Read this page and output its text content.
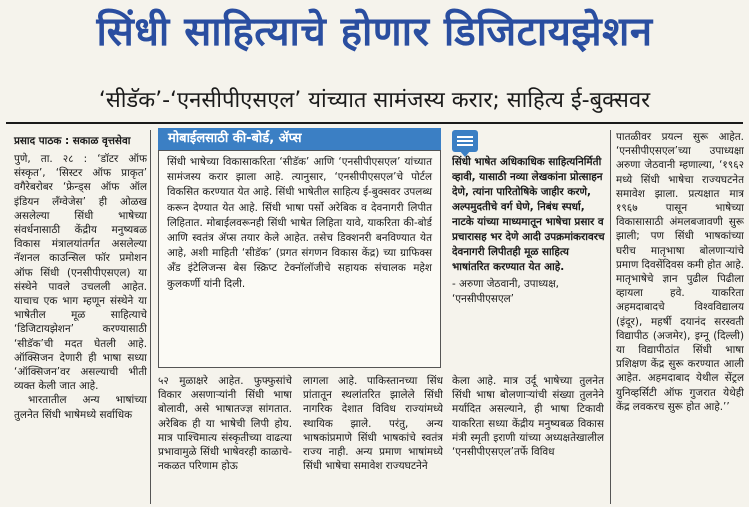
सिंधी साहित्याचे होणार डिजिटायझेशन
‘सीडॅक’-‘एनसीपीएसएल’ यांच्यात सामंजस्य करार; साहित्य ई-बुक्सवर
प्रसाद पाठक : सकाळ वृत्तसेवा

पुणे, ता. २८ : ‘डॉटर ऑफ संस्कृत’, ‘सिस्टर ऑफ प्राकृत’ वगैरेबरोबर ‘फ्रेन्ड्स ऑफ ऑल इंडियन लॅंग्वेजेस’ ही ओळख असलेल्या सिंधी भाषेच्या संवर्धनासाठी केंद्रीय मनुष्यबळ विकास मंत्रालयांतर्गत असलेल्या नॅशनल काउन्सिल फॉर प्रमोशन ऑफ सिंधी (एनसीपीएसएल) या संस्थेने पावले उचलली आहेत. याचाच एक भाग म्हणून संस्थेने या भाषेतील मूळ साहित्याचे ‘डिजिटायझेशन’ करण्यासाठी ‘सीडॅक’ची मदत घेतली आहे. ऑक्सिजन देणारी ही भाषा सध्या ‘ऑक्सिजन’वर असल्याची भीती व्यक्त केली जात आहे.

भारतातील अन्य भाषांच्या तुलनेत सिंधी भाषेमध्ये सर्वाधिक

मोबाईलसाठी की-बोर्ड, ॲप्स
सिंधी भाषेच्या विकासाकरिता ‘सीडॅक’ आणि ‘एनसीपीएसएल’ यांच्यात सामंजस्य करार झाला आहे. त्यानुसार, ‘एनसीपीएसएल’चे पोर्टल विकसित करण्यात येत आहे. सिंधी भाषेतील साहित्य ई-बुक्सवर उपलब्ध करून देण्यात येत आहे. सिंधी भाषा पर्सो अरेबिक व देवनागरी लिपीत लिहितात. मोबाईलवरूनही सिंधी भाषेत लिहिता यावे, याकरिता की-बोर्ड आणि स्वतंत्र ॲप्स तयार केले आहेत. तसेच डिक्शनरी बनविण्यात येत आहे, अशी माहिती ‘सीडॅक’ (प्रगत संगणन विकास केंद्र) च्या ग्राफिक्स अँड इंटेलिजन्स बेस स्क्रिप्ट टेक्नॉलॉजीचे सहायक संचालक महेश कुलकर्णी यांनी दिली.

सिंधी भाषेत अधिकाधिक साहित्यनिर्मिती व्हावी, यासाठी नव्या लेखकांना प्रोत्साहन देणे, त्यांना पारितोषिके जाहीर करणे, अल्पमुदतीचे वर्ग घेणे, निबंध स्पर्धा, नाटके यांच्या माध्यमातून भाषेचा प्रसार व प्रचारासह भर देणे आदी उपक्रमांकरावरच देवनागरी लिपीतही मूळ साहित्य भाषांतरित करण्यात येत आहे.

- अरुणा जेठवानी, उपाध्यक्ष, ‘एनसीपीएसएल’

५२ मुळाक्षरे आहेत. फुफ्फुसांचे विकार असणाऱ्यांनी सिंधी भाषा बोलावी, असे भाषातज्ज्ञ सांगतात. अरेबिक ही या भाषेची लिपी होय. मात्र पाश्चिमात्य संस्कृतीच्या वाढत्या प्रभावामुळे सिंधी भाषेवरही काळाचे-नकळत परिणाम होऊ

लागला आहे. पाकिस्तानच्या सिंध प्रांतातून स्थलांतरित झालेले सिंधी नागरिक देशात विविध राज्यांमध्ये स्थायिक झाले. परंतु, अन्य भाषकांप्रमाणे सिंधी भाषकांचे स्वतंत्र राज्य नाही. अन्य प्रमाण भाषांमध्ये सिंधी भाषेचा समावेश राज्यघटनेने

केला आहे. मात्र उर्दू भाषेच्या तुलनेत सिंधी भाषा बोलणाऱ्यांची संख्या तुलनेने मर्यादित असल्याने, ही भाषा टिकावी याकरिता सध्या केंद्रीय मनुष्यबळ विकास मंत्री स्मृती इराणी यांच्या अध्यक्षतेखालील ‘एनसीपीएसएल’तर्फे विविध

पातळीवर प्रयत्न सुरू आहेत. ‘एनसीपीएसएल’च्या उपाध्यक्षा अरुणा जेठवानी म्हणाल्या, ‘१९६२ मध्ये सिंधी भाषेचा राज्यघटनेत समावेश झाला. प्रत्यक्षात मात्र १९६७ पासून भाषेच्या विकासासाठी अंमलबजावणी सुरू झाली; पण सिंधी भाषकांच्या घरीच मातृभाषा बोलणाऱ्यांचे प्रमाण दिवसेंदिवस कमी होत आहे. मातृभाषेचे ज्ञान पुढील पिढीला व्हायला हवे. याकरिता अहमदाबादचे विश्‍वविद्यालय (इंदूर), महर्षी दयानंद सरस्वती विद्यापीठ (अजमेर), इग्नू (दिल्ली) या विद्यापीठांत सिंधी भाषा प्रशिक्षण केंद्र सुरू करण्यात आली आहेत. अहमदाबाद येथील सेंट्रल युनिव्हर्सिटी ऑफ गुजरात येथेही केंद्र लवकरच सुरू होत आहे.’’
